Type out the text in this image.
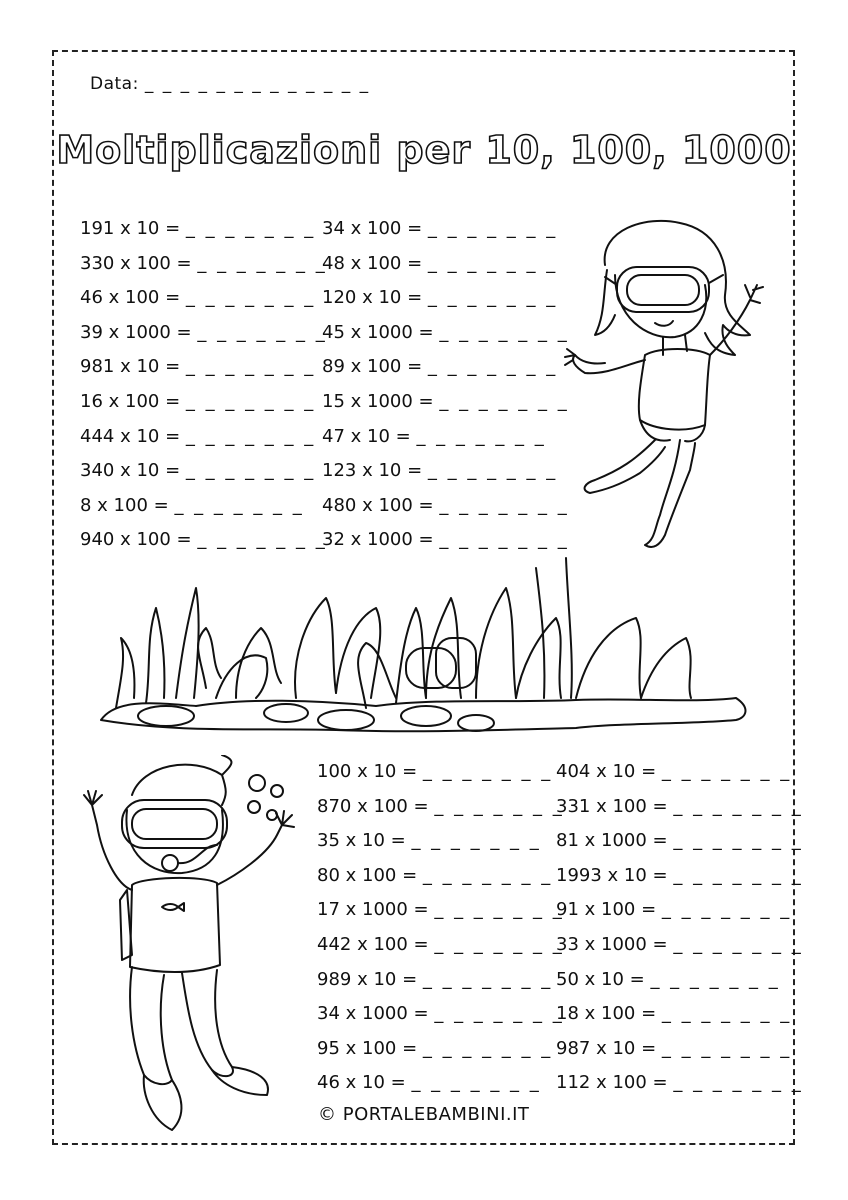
Data: _ _ _ _ _ _ _ _ _ _ _ _ _
Moltiplicazioni per 10, 100, 1000
191 x 10 = _ _ _ _ _ _ _
330 x 100 = _ _ _ _ _ _ _
46 x 100 = _ _ _ _ _ _ _
39 x 1000 = _ _ _ _ _ _ _
981 x 10 = _ _ _ _ _ _ _
16 x 100 = _ _ _ _ _ _ _
444 x 10 = _ _ _ _ _ _ _
340 x 10 = _ _ _ _ _ _ _
8 x 100 = _ _ _ _ _ _ _
940 x 100 = _ _ _ _ _ _ _
34 x 100 = _ _ _ _ _ _ _
48 x 100 = _ _ _ _ _ _ _
120 x 10 = _ _ _ _ _ _ _
45 x 1000 = _ _ _ _ _ _ _
89 x 100 = _ _ _ _ _ _ _
15 x 1000 = _ _ _ _ _ _ _
47 x 10 = _ _ _ _ _ _ _
123 x 10 = _ _ _ _ _ _ _
480 x 100 = _ _ _ _ _ _ _
32 x 1000 = _ _ _ _ _ _ _
100 x 10 = _ _ _ _ _ _ _
870 x 100 = _ _ _ _ _ _ _
35 x 10 = _ _ _ _ _ _ _
80 x 100 = _ _ _ _ _ _ _
17 x 1000 = _ _ _ _ _ _ _
442 x 100 = _ _ _ _ _ _ _
989 x 10 = _ _ _ _ _ _ _
34 x 1000 = _ _ _ _ _ _ _
95 x 100 = _ _ _ _ _ _ _
46 x 10 = _ _ _ _ _ _ _
404 x 10 = _ _ _ _ _ _ _
331 x 100 = _ _ _ _ _ _ _
81 x 1000 = _ _ _ _ _ _ _
1993 x 10 = _ _ _ _ _ _ _
91 x 100 = _ _ _ _ _ _ _
33 x 1000 = _ _ _ _ _ _ _
50 x 10 = _ _ _ _ _ _ _
18 x 100 = _ _ _ _ _ _ _
987 x 10 = _ _ _ _ _ _ _
112 x 100 = _ _ _ _ _ _ _
© PORTALEBAMBINI.IT
